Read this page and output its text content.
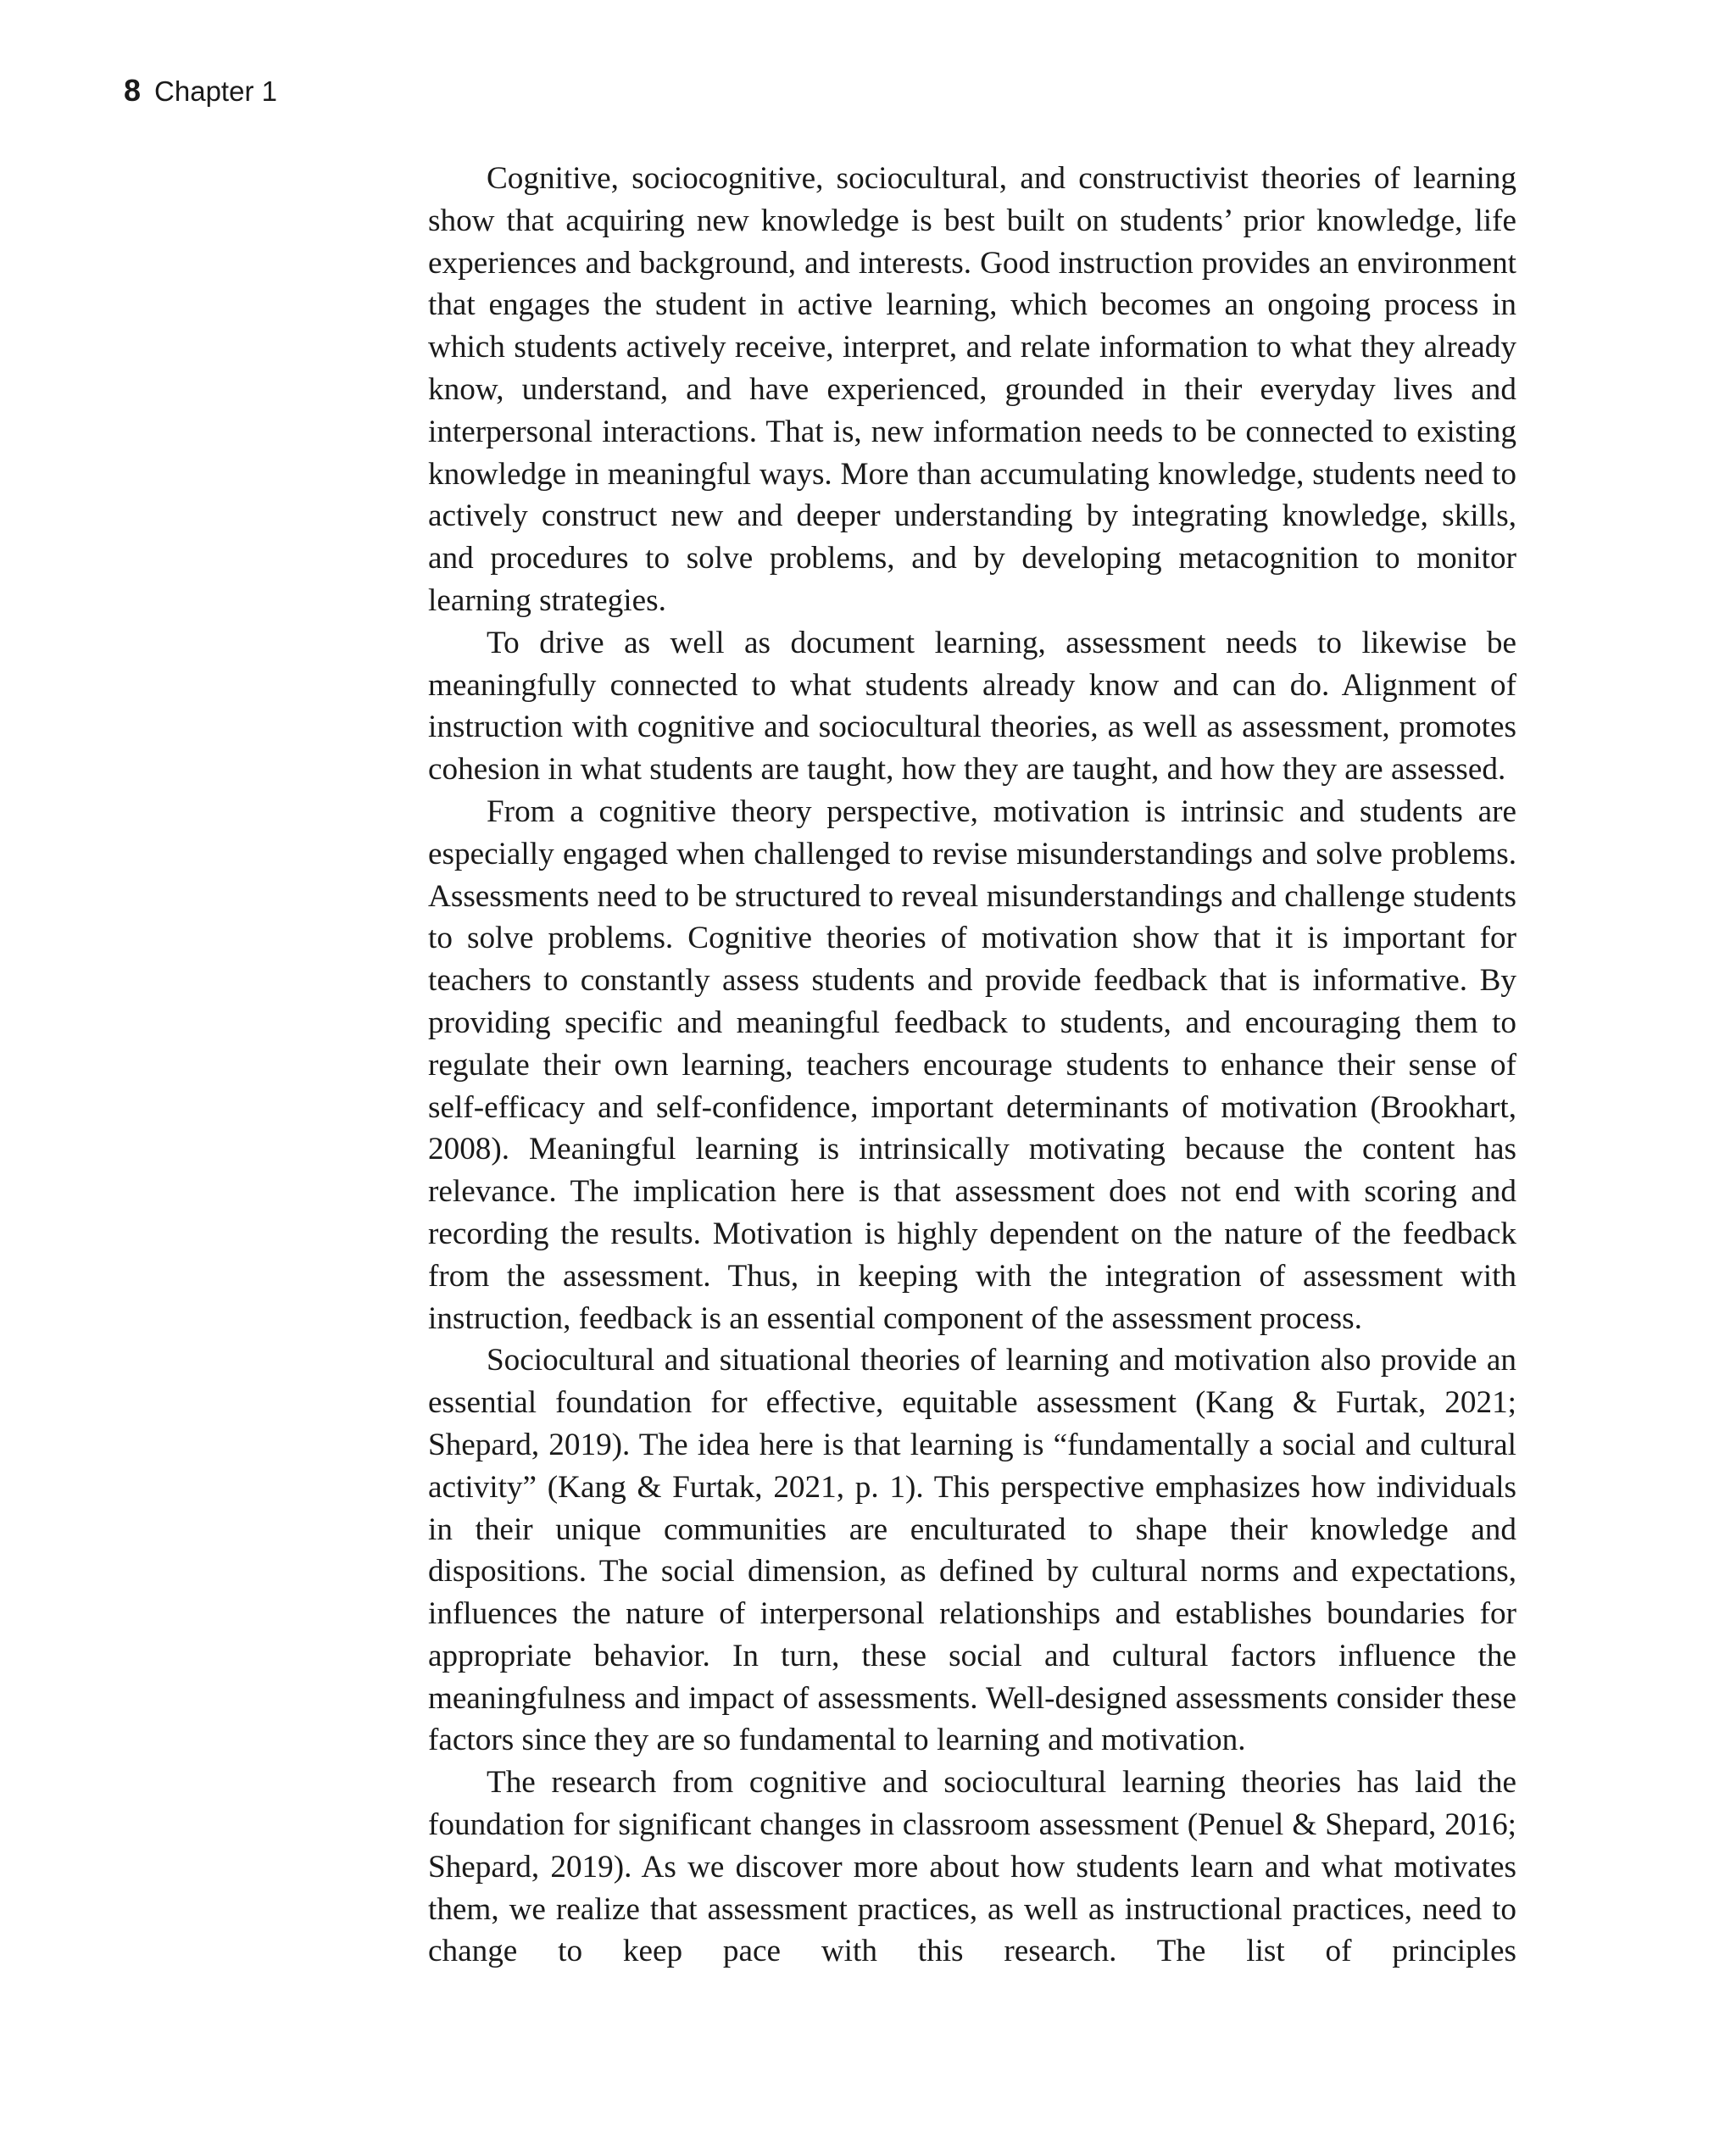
8 Chapter 1

Cognitive, sociocognitive, sociocultural, and constructivist theories of learning show that acquiring new knowledge is best built on students’ prior knowledge, life experiences and background, and interests. Good instruction provides an environment that engages the student in active learning, which becomes an ongoing process in which students actively receive, interpret, and relate information to what they already know, understand, and have experienced, grounded in their everyday lives and interpersonal interactions. That is, new information needs to be connected to existing knowledge in meaningful ways. More than accumulating knowledge, students need to actively construct new and deeper understanding by integrating knowledge, skills, and procedures to solve problems, and by developing metacognition to monitor learning strategies.

To drive as well as document learning, assessment needs to likewise be meaningfully connected to what students already know and can do. Alignment of instruction with cognitive and sociocultural theories, as well as assessment, promotes cohesion in what students are taught, how they are taught, and how they are assessed.

From a cognitive theory perspective, motivation is intrinsic and students are especially engaged when challenged to revise misunderstandings and solve problems. Assessments need to be structured to reveal misunderstandings and challenge students to solve problems. Cognitive theories of motivation show that it is important for teachers to constantly assess students and provide feedback that is informative. By providing specific and meaningful feedback to students, and encouraging them to regulate their own learning, teachers encourage students to enhance their sense of self-efficacy and self-confidence, important determinants of motivation (Brookhart, 2008). Meaningful learning is intrinsically motivating because the content has relevance. The implication here is that assessment does not end with scoring and recording the results. Motivation is highly dependent on the nature of the feedback from the assessment. Thus, in keeping with the integration of assessment with instruction, feedback is an essential component of the assessment process.

Sociocultural and situational theories of learning and motivation also provide an essential foundation for effective, equitable assessment (Kang & Furtak, 2021; Shepard, 2019). The idea here is that learning is “fundamentally a social and cultural activity” (Kang & Furtak, 2021, p. 1). This perspective emphasizes how individuals in their unique communities are enculturated to shape their knowledge and dispositions. The social dimension, as defined by cultural norms and expectations, influences the nature of interpersonal relationships and establishes boundaries for appropriate behavior. In turn, these social and cultural factors influence the meaningfulness and impact of assessments. Well-designed assessments consider these factors since they are so fundamental to learning and motivation.

The research from cognitive and sociocultural learning theories has laid the foundation for significant changes in classroom assessment (Penuel & Shepard, 2016; Shepard, 2019). As we discover more about how students learn and what motivates them, we realize that assessment practices, as well as instructional practices, need to change to keep pace with this research. The list of principles
